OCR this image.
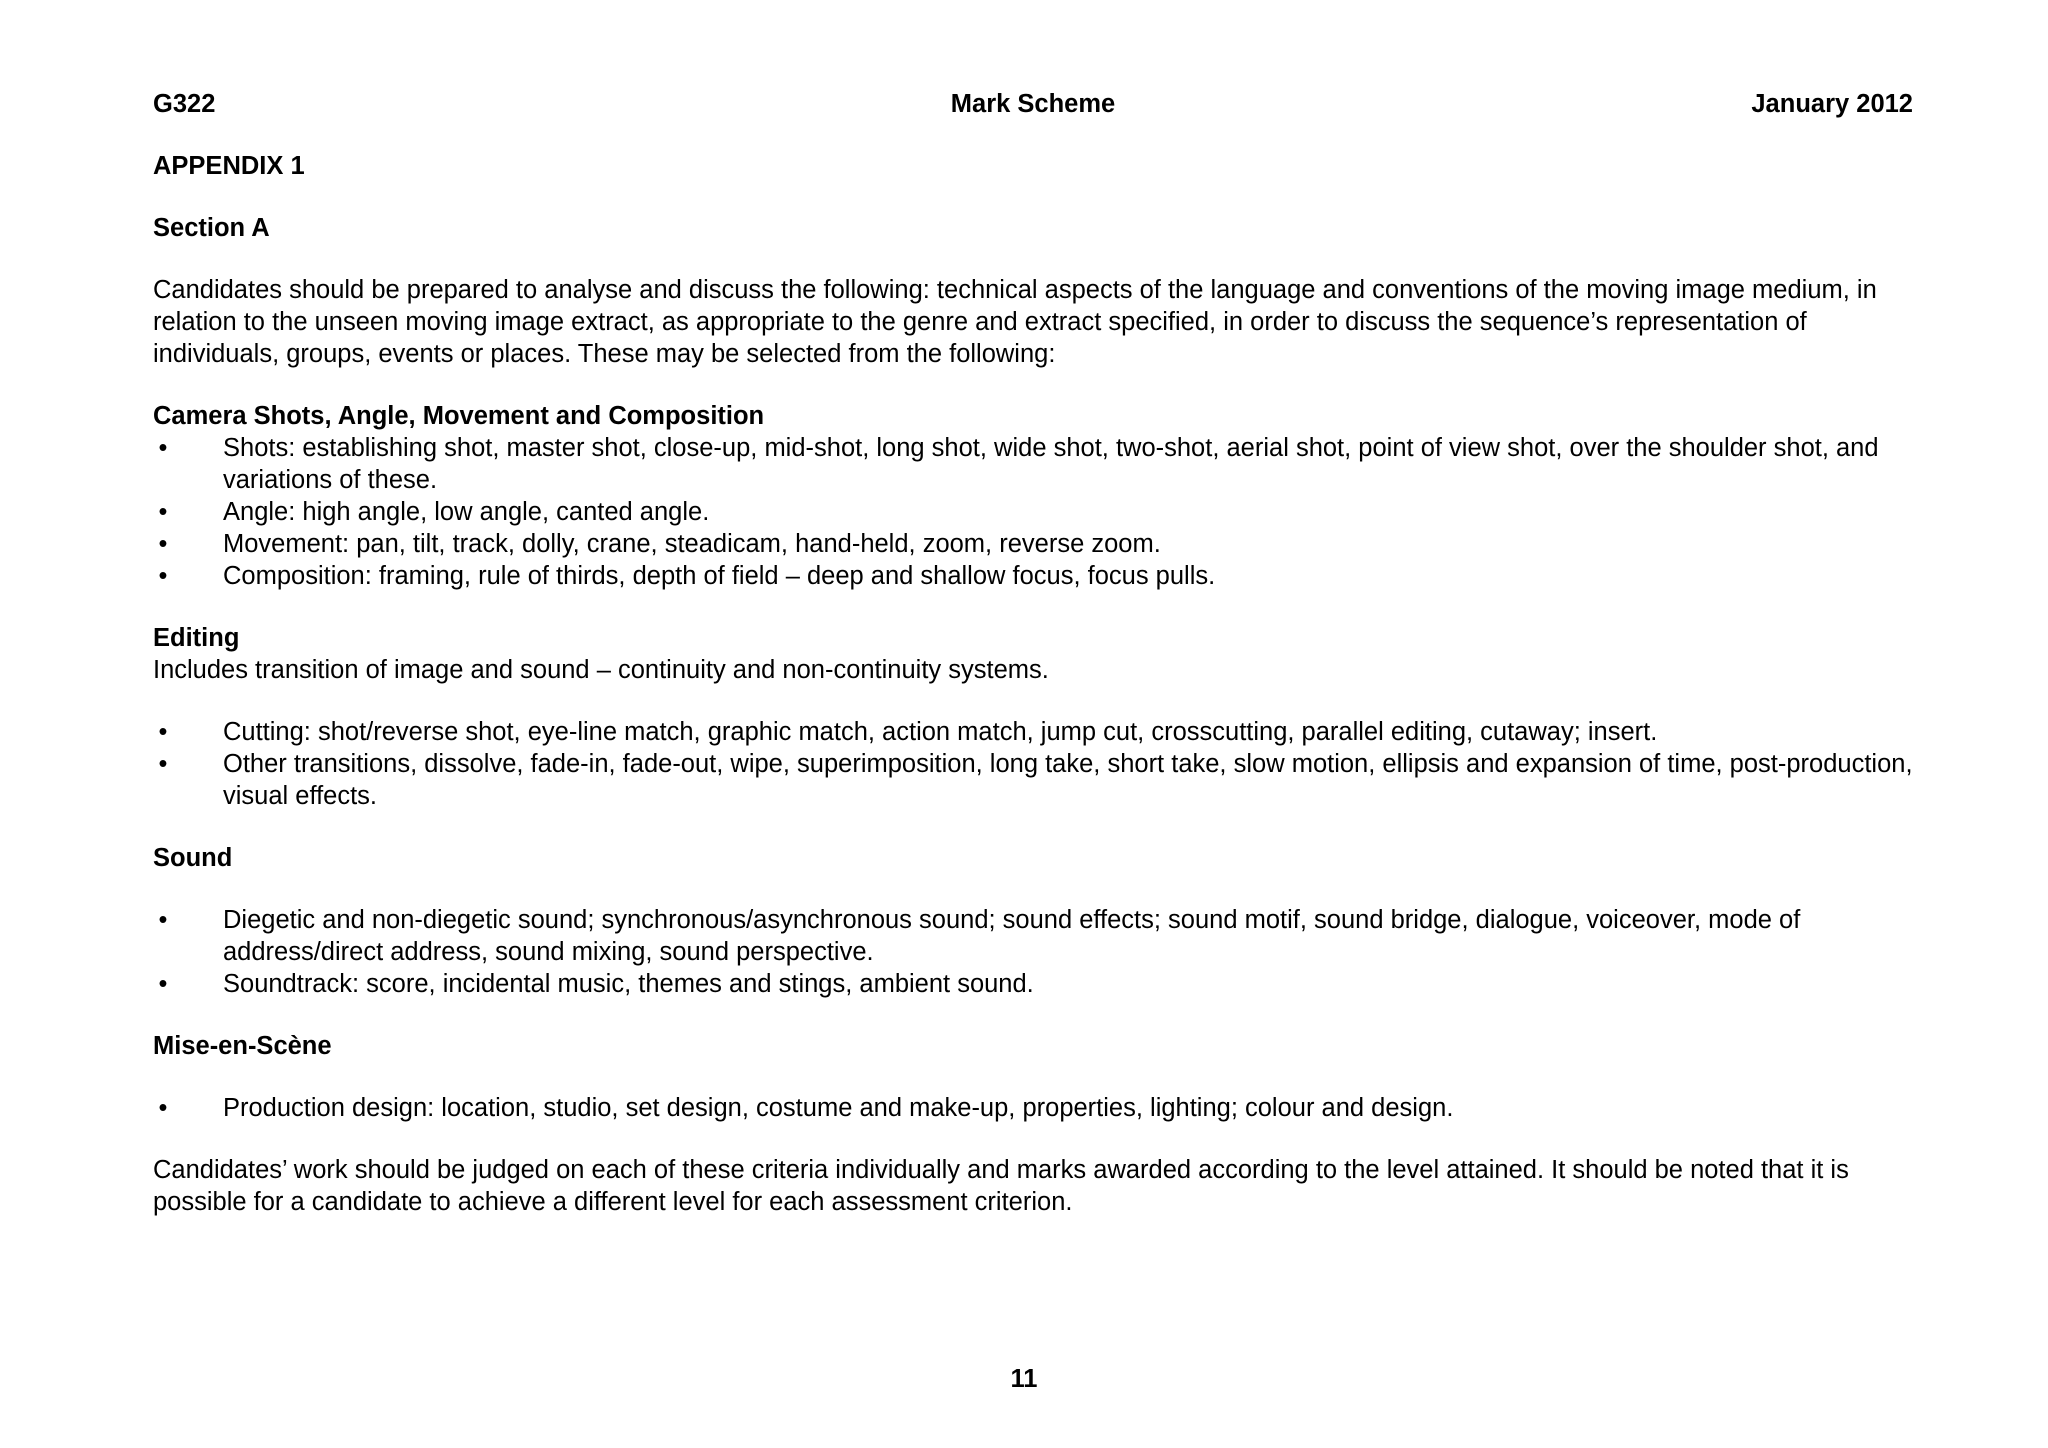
G322	Mark Scheme	January 2012

APPENDIX 1

Section A

Candidates should be prepared to analyse and discuss the following: technical aspects of the language and conventions of the moving image medium, in relation to the unseen moving image extract, as appropriate to the genre and extract specified, in order to discuss the sequence’s representation of individuals, groups, events or places. These may be selected from the following:

Camera Shots, Angle, Movement and Composition

• Shots: establishing shot, master shot, close-up, mid-shot, long shot, wide shot, two-shot, aerial shot, point of view shot, over the shoulder shot, and variations of these.
• Angle: high angle, low angle, canted angle.
• Movement: pan, tilt, track, dolly, crane, steadicam, hand-held, zoom, reverse zoom.
• Composition: framing, rule of thirds, depth of field – deep and shallow focus, focus pulls.

Editing

Includes transition of image and sound – continuity and non-continuity systems.

• Cutting: shot/reverse shot, eye-line match, graphic match, action match, jump cut, crosscutting, parallel editing, cutaway; insert.
• Other transitions, dissolve, fade-in, fade-out, wipe, superimposition, long take, short take, slow motion, ellipsis and expansion of time, post-production, visual effects.

Sound

• Diegetic and non-diegetic sound; synchronous/asynchronous sound; sound effects; sound motif, sound bridge, dialogue, voiceover, mode of address/direct address, sound mixing, sound perspective.
• Soundtrack: score, incidental music, themes and stings, ambient sound.

Mise-en-Scène

• Production design: location, studio, set design, costume and make-up, properties, lighting; colour and design.

Candidates’ work should be judged on each of these criteria individually and marks awarded according to the level attained. It should be noted that it is possible for a candidate to achieve a different level for each assessment criterion.

11
